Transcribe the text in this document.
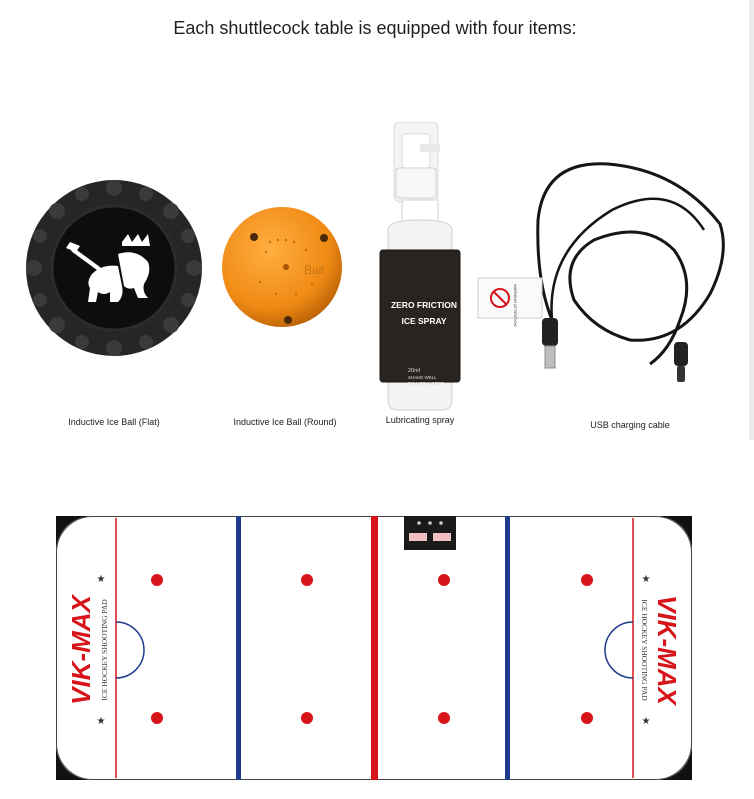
Each shuttlecock table is equipped with four items:
Inductive Ice Ball (Flat)
Ball
Inductive Ice Ball (Round)
ZERO FRICTION
ICE SPRAY
20ml
SHAKE WELL
DO NOT INGEST
Lubricating spray
WARNING ATTENTION
USB charging cable
VIK-MAX ICE HOCKEY SHOOTING PAD
★
★
VIK-MAX
ICE HOCKEY SHOOTING PAD
★
★
